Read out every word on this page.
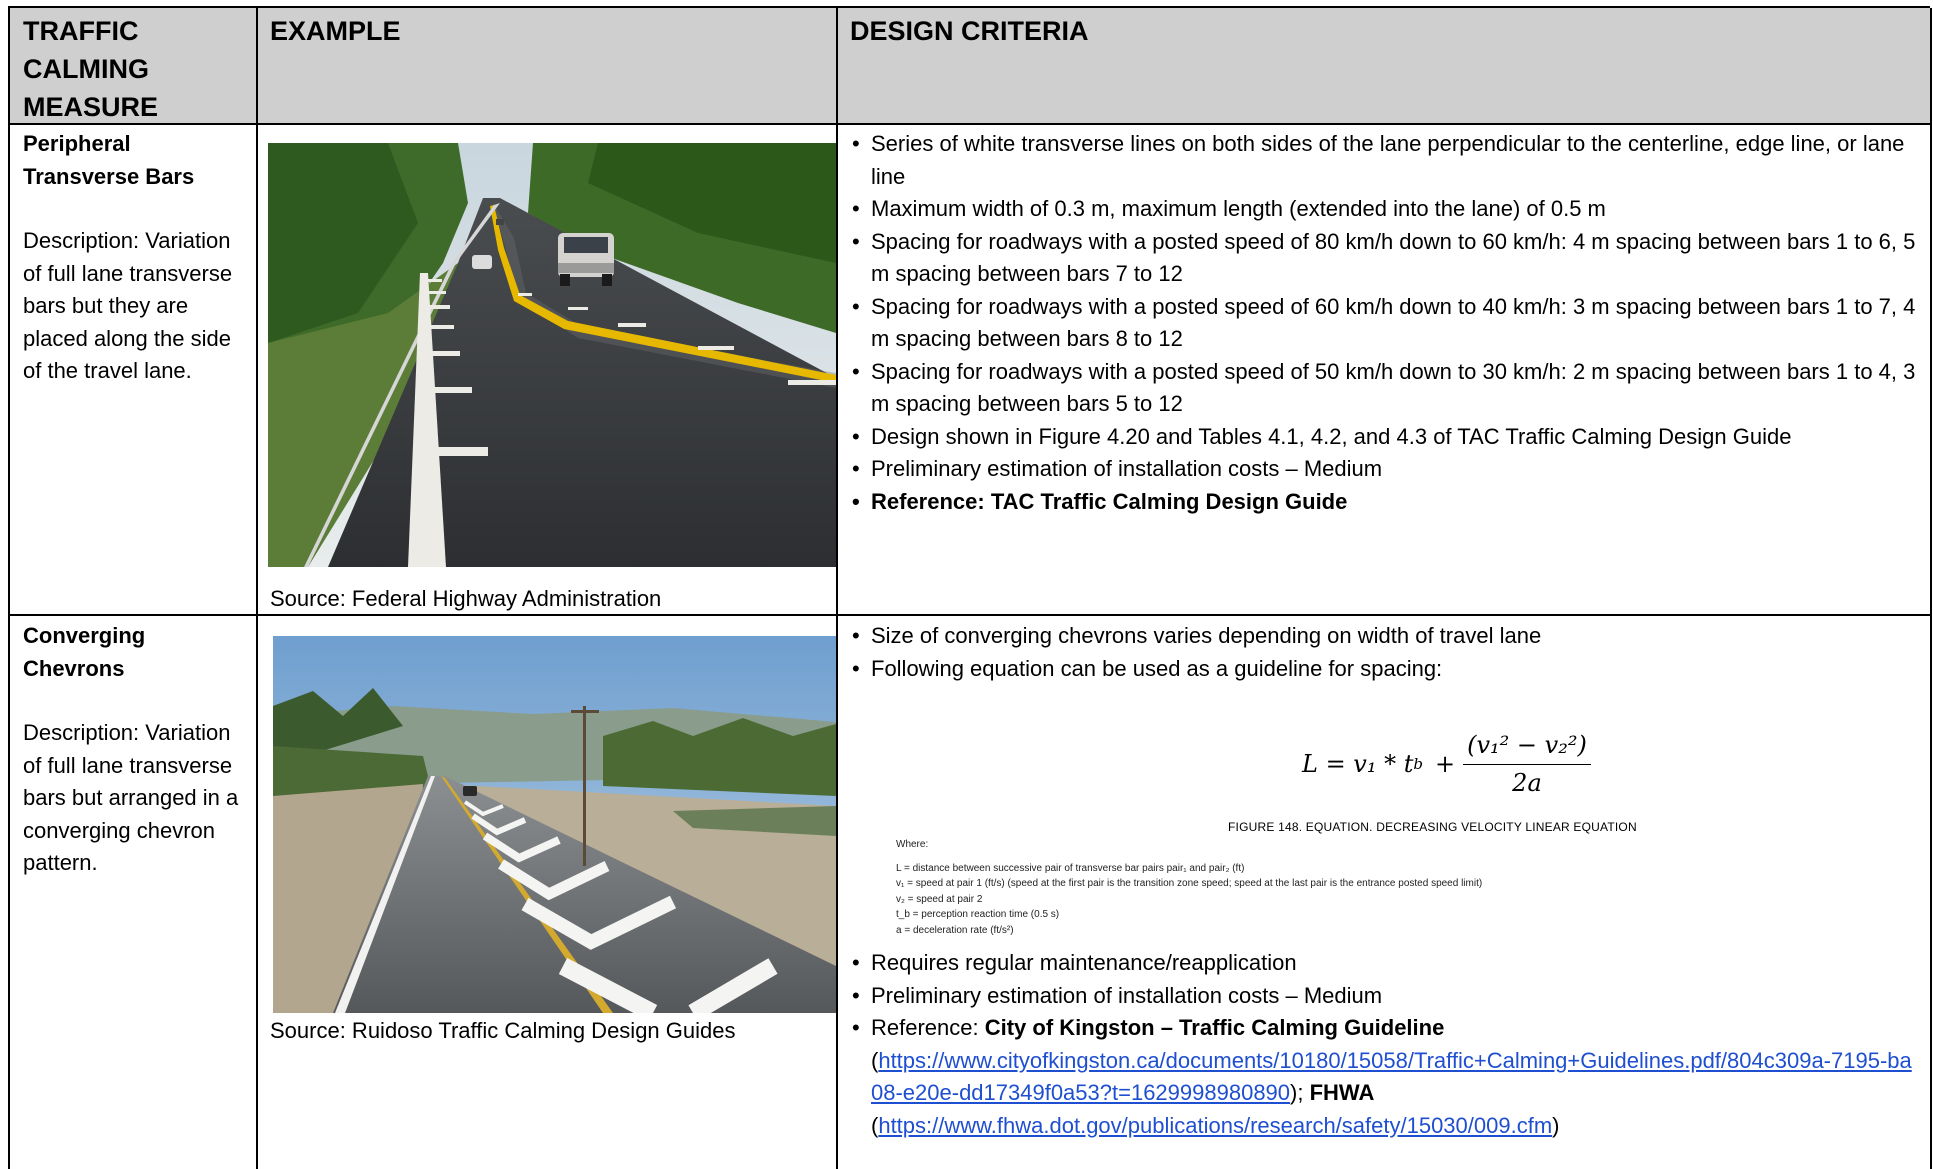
TRAFFIC CALMING MEASURE
EXAMPLE	DESIGN CRITERIA
Peripheral Transverse Bars
Description: Variation of full lane transverse bars but they are placed along the side of the travel lane.
Source: Federal Highway Administration
• Series of white transverse lines on both sides of the lane perpendicular to the centerline, edge line, or lane line
• Maximum width of 0.3 m, maximum length (extended into the lane) of 0.5 m
• Spacing for roadways with a posted speed of 80 km/h down to 60 km/h: 4 m spacing between bars 1 to 6, 5 m spacing between bars 7 to 12
• Spacing for roadways with a posted speed of 60 km/h down to 40 km/h: 3 m spacing between bars 1 to 7, 4 m spacing between bars 8 to 12
• Spacing for roadways with a posted speed of 50 km/h down to 30 km/h: 2 m spacing between bars 1 to 4, 3 m spacing between bars 5 to 12
• Design shown in Figure 4.20 and Tables 4.1, 4.2, and 4.3 of TAC Traffic Calming Design Guide
• Preliminary estimation of installation costs – Medium
• Reference: TAC Traffic Calming Design Guide
Converging Chevrons
Description: Variation of full lane transverse bars but arranged in a converging chevron pattern.
Source: Ruidoso Traffic Calming Design Guides
• Size of converging chevrons varies depending on width of travel lane
• Following equation can be used as a guideline for spacing:
L = v₁ * t $b + \frac{\text{(v₁² − v₂²)}}{2a}$
FIGURE 148. EQUATION. DECREASING VELOCITY LINEAR EQUATION
Where:
L = distance between successive pair of transverse bar pairs pair₁ and pair₂ (ft)
v₁ = speed at pair 1 (ft/s) (speed at the first pair is the transition zone speed; speed at the last pair is the entrance posted speed limit)
v₂ = speed at pair 2
t_b = perception reaction time (0.5 s)
a = deceleration rate (ft/s²)
• Requires regular maintenance/reapplication
• Preliminary estimation of installation costs – Medium
• Reference: City of Kingston – Traffic Calming Guideline
(https://www.cityofkingston.ca/documents/10180/15058/Traffic+Calming+Guidelines.pdf/804c309a-7195-ba08-e20e-dd17349f0a53?t=1629998980890); FHWA
(https://www.fhwa.dot.gov/publications/research/safety/15030/009.cfm)
